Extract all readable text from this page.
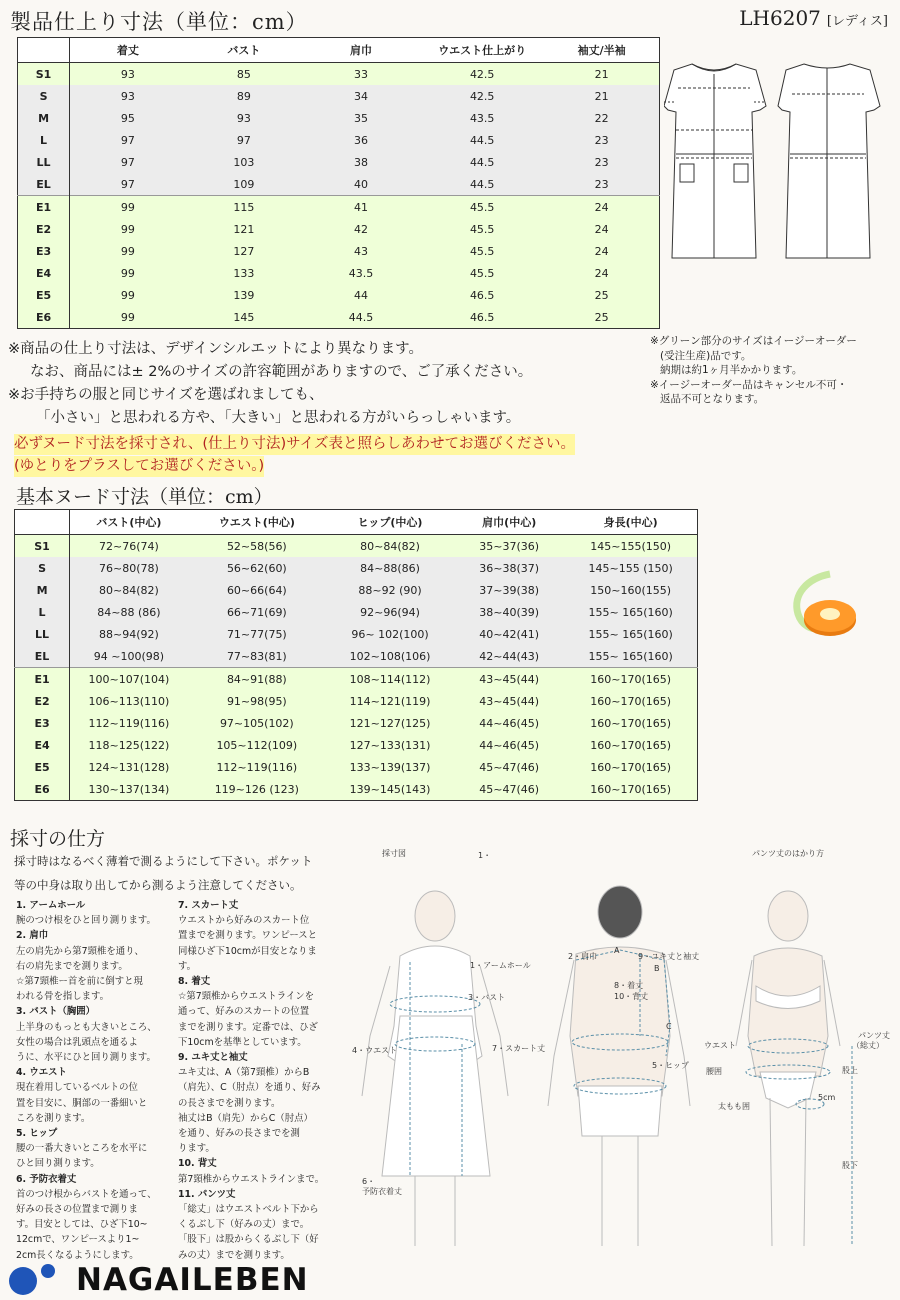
製品仕上り寸法（単位：cm）	LH6207 [レディス]
	着丈	バスト	肩巾	ウエスト仕上がり	袖丈/半袖
S1	93	85	33	42.5	21
S	93	89	34	42.5	21
M	95	93	35	43.5	22
L	97	97	36	44.5	23
LL	97	103	38	44.5	23
EL	97	109	40	44.5	23
E1	99	115	41	45.5	24
E2	99	121	42	45.5	24
E3	99	127	43	45.5	24
E4	99	133	43.5	45.5	24
E5	99	139	44	46.5	25
E6	99	145	44.5	46.5	25
※商品の仕上り寸法は、デザインシルエットにより異なります。
なお、商品には± 2%のサイズの許容範囲がありますので、ご了承ください。
※お手持ちの服と同じサイズを選ばれましても、
「小さい」と思われる方や、「大きい」と思われる方がいらっしゃいます。
必ずヌード寸法を採寸され、(仕上り寸法)サイズ表と照らしあわせてお選びください。
(ゆとりをプラスしてお選びください。)
※グリーン部分のサイズはイージーオーダー
(受注生産)品です。
納期は約1ヶ月半かかります。
※イージーオーダー品はキャンセル不可・
返品不可となります。
基本ヌード寸法（単位：cm）
	バスト(中心)	ウエスト(中心)	ヒップ(中心)	肩巾(中心)	身長(中心)
S1	72~76(74)	52~58(56)	80~84(82)	35~37(36)	145~155(150)
S	76~80(78)	56~62(60)	84~88(86)	36~38(37)	145~155 (150)
M	80~84(82)	60~66(64)	88~92 (90)	37~39(38)	150~160(155)
L	84~88 (86)	66~71(69)	92~96(94)	38~40(39)	155~ 165(160)
LL	88~94(92)	71~77(75)	96~ 102(100)	40~42(41)	155~ 165(160)
EL	94 ~100(98)	77~83(81)	102~108(106)	42~44(43)	155~ 165(160)
E1	100~107(104)	84~91(88)	108~114(112)	43~45(44)	160~170(165)
E2	106~113(110)	91~98(95)	114~121(119)	43~45(44)	160~170(165)
E3	112~119(116)	97~105(102)	121~127(125)	44~46(45)	160~170(165)
E4	118~125(122)	105~112(109)	127~133(131)	44~46(45)	160~170(165)
E5	124~131(128)	112~119(116)	133~139(137)	45~47(46)	160~170(165)
E6	130~137(134)	119~126 (123)	139~145(143)	45~47(46)	160~170(165)
採寸の仕方
採寸時はなるべく薄着で測るようにして下さい。ポケット
等の中身は取り出してから測るよう注意してください。
1. アームホール
腕のつけ根をひと回り測ります。
2. 肩巾
左の肩先から第7頸椎を通り、
右の肩先までを測ります。
☆第7頸椎ー首を前に倒すと現
われる骨を指します。
3. バスト（胸囲）
上半身のもっとも大きいところ、
女性の場合は乳頭点を通るよ
うに、水平にひと回り測ります。
4. ウエスト
現在着用しているベルトの位
置を目安に、胴部の一番細いと
ころを測ります。
5. ヒップ
腰の一番大きいところを水平に
ひと回り測ります。
6. 予防衣着丈
首のつけ根からバストを通って、
好みの長さの位置まで測りま
す。目安としては、ひざ下10~
12cmで、ワンピースより1~
2cm長くなるようにします。
7. スカート丈
ウエストから好みのスカート位
置までを測ります。ワンピースと
同様ひざ下10cmが目安となりま
す。
8. 着丈
☆第7頸椎からウエストラインを
通って、好みのスカートの位置
までを測ります。定番では、ひざ
下10cmを基準としています。
9. ユキ丈と袖丈
ユキ丈は、A（第7頸椎）からB
（肩先）、C（肘点）を通り、好み
の長さまでを測ります。
袖丈はB（肩先）からC（肘点）
を通り、好みの長さまでを測
ります。
10. 背丈
第7頸椎からウエストラインまで。
11. パンツ丈
「総丈」はウエストベルト下から
くるぶし下（好みの丈）まで。
「股下」は股からくるぶし下（好
みの丈）までを測ります。
採寸図	パンツ丈のはかり方
1・
1・アームホール
3・バスト
4・ウエスト	7・スカート丈
6・
予防衣着丈
2・肩巾
A
9・ユキ丈と袖丈
B
8・着丈
10・背丈
C
5・ヒップ
ウエスト
腰囲
太もも囲
5cm
パンツ丈
（総丈）
股上
股下
NAGAILEBEN
